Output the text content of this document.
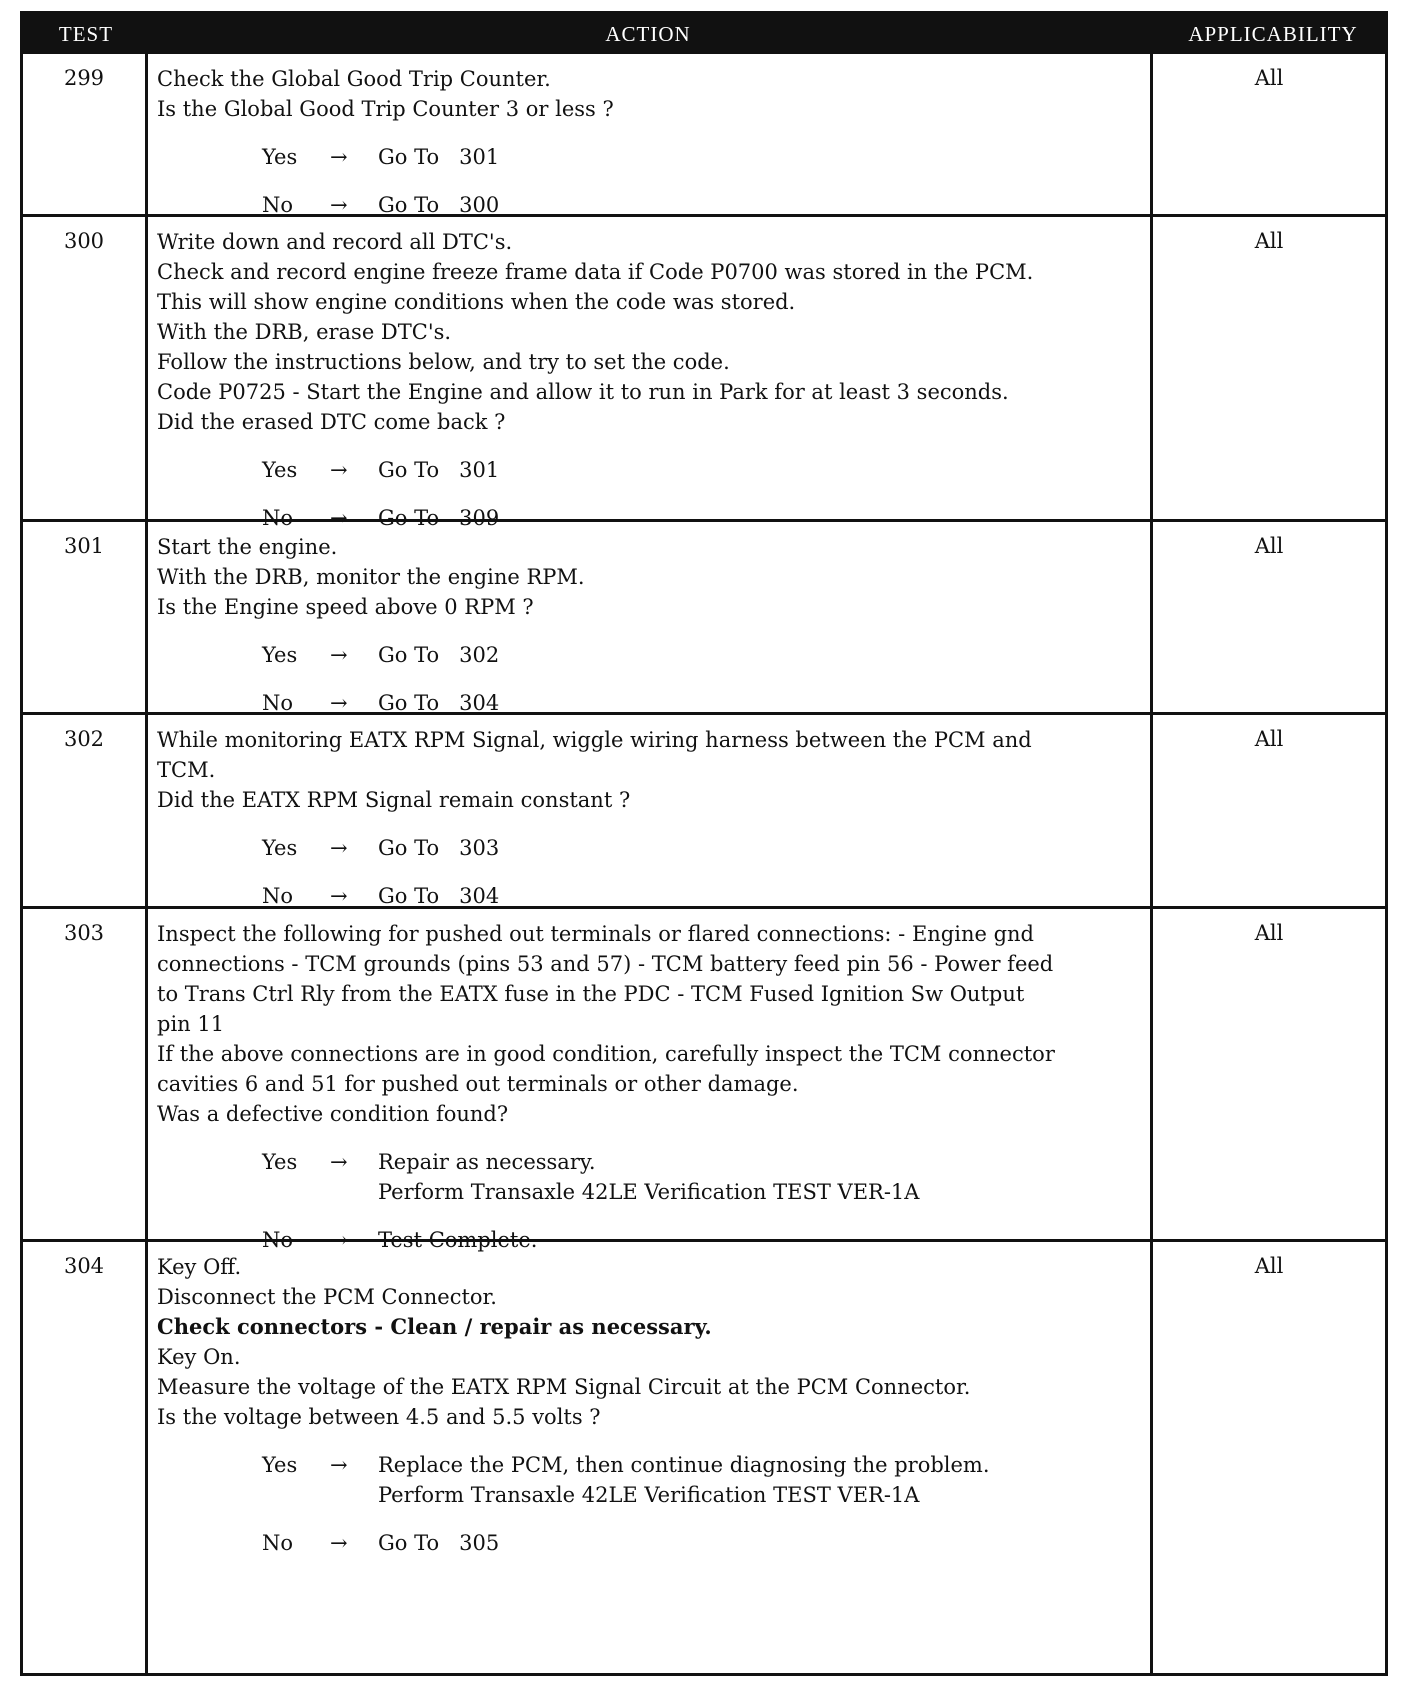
TEST	ACTION	APPLICABILITY
299	Check the Global Good Trip Counter.
Is the Global Good Trip Counter 3 or less ?
Yes	→	Go To   301
No	→	Go To   300
All
300	Write down and record all DTC's.
Check and record engine freeze frame data if Code P0700 was stored in the PCM.
This will show engine conditions when the code was stored.
With the DRB, erase DTC's.
Follow the instructions below, and try to set the code.
Code P0725 - Start the Engine and allow it to run in Park for at least 3 seconds.
Did the erased DTC come back ?
Yes	→	Go To   301
No	→	Go To   309
All
301	Start the engine.
With the DRB, monitor the engine RPM.
Is the Engine speed above 0 RPM ?
Yes	→	Go To   302
No	→	Go To   304
All
302	While monitoring EATX RPM Signal, wiggle wiring harness between the PCM and
TCM.
Did the EATX RPM Signal remain constant ?
Yes	→	Go To   303
No	→	Go To   304
All
303	Inspect the following for pushed out terminals or flared connections: - Engine gnd
connections - TCM grounds (pins 53 and 57) - TCM battery feed pin 56 - Power feed
to Trans Ctrl Rly from the EATX fuse in the PDC - TCM Fused Ignition Sw Output
pin 11
If the above connections are in good condition, carefully inspect the TCM connector
cavities 6 and 51 for pushed out terminals or other damage.
Was a defective condition found?
Yes	→	Repair as necessary.
Perform Transaxle 42LE Verification TEST VER-1A
No	→	Test Complete.
All
304	Key Off.
Disconnect the PCM Connector.
Check connectors - Clean / repair as necessary.
Key On.
Measure the voltage of the EATX RPM Signal Circuit at the PCM Connector.
Is the voltage between 4.5 and 5.5 volts ?
Yes	→	Replace the PCM, then continue diagnosing the problem.
Perform Transaxle 42LE Verification TEST VER-1A
No	→	Go To   305
All
